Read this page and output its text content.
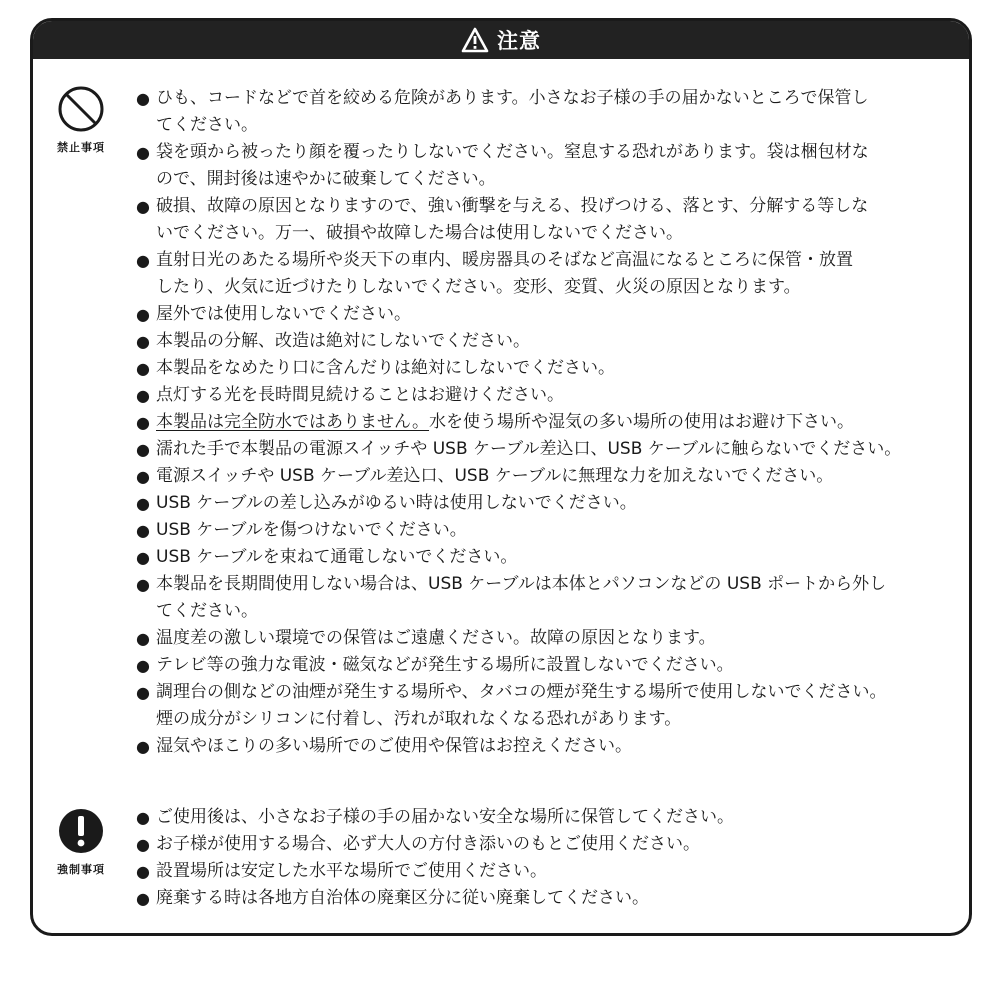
注意
禁止事項
● ひも、コードなどで首を絞める危険があります。小さなお子様の手の届かないところで保管し
てください。
● 袋を頭から被ったり顔を覆ったりしないでください。窒息する恐れがあります。袋は梱包材な
ので、開封後は速やかに破棄してください。
● 破損、故障の原因となりますので、強い衝撃を与える、投げつける、落とす、分解する等しな
いでください。万一、破損や故障した場合は使用しないでください。
● 直射日光のあたる場所や炎天下の車内、暖房器具のそばなど高温になるところに保管・放置
したり、火気に近づけたりしないでください。変形、変質、火災の原因となります。
● 屋外では使用しないでください。
● 本製品の分解、改造は絶対にしないでください。
● 本製品をなめたり口に含んだりは絶対にしないでください。
● 点灯する光を長時間見続けることはお避けください。
● 本製品は完全防水ではありません。水を使う場所や湿気の多い場所の使用はお避け下さい。
● 濡れた手で本製品の電源スイッチや USB ケーブル差込口、USB ケーブルに触らないでください。
● 電源スイッチや USB ケーブル差込口、USB ケーブルに無理な力を加えないでください。
● USB ケーブルの差し込みがゆるい時は使用しないでください。
● USB ケーブルを傷つけないでください。
● USB ケーブルを束ねて通電しないでください。
● 本製品を長期間使用しない場合は、USB ケーブルは本体とパソコンなどの USB ポートから外し
てください。
● 温度差の激しい環境での保管はご遠慮ください。故障の原因となります。
● テレビ等の強力な電波・磁気などが発生する場所に設置しないでください。
● 調理台の側などの油煙が発生する場所や、タバコの煙が発生する場所で使用しないでください。
煙の成分がシリコンに付着し、汚れが取れなくなる恐れがあります。
● 湿気やほこりの多い場所でのご使用や保管はお控えください。
強制事項
● ご使用後は、小さなお子様の手の届かない安全な場所に保管してください。
● お子様が使用する場合、必ず大人の方付き添いのもとご使用ください。
● 設置場所は安定した水平な場所でご使用ください。
● 廃棄する時は各地方自治体の廃棄区分に従い廃棄してください。
